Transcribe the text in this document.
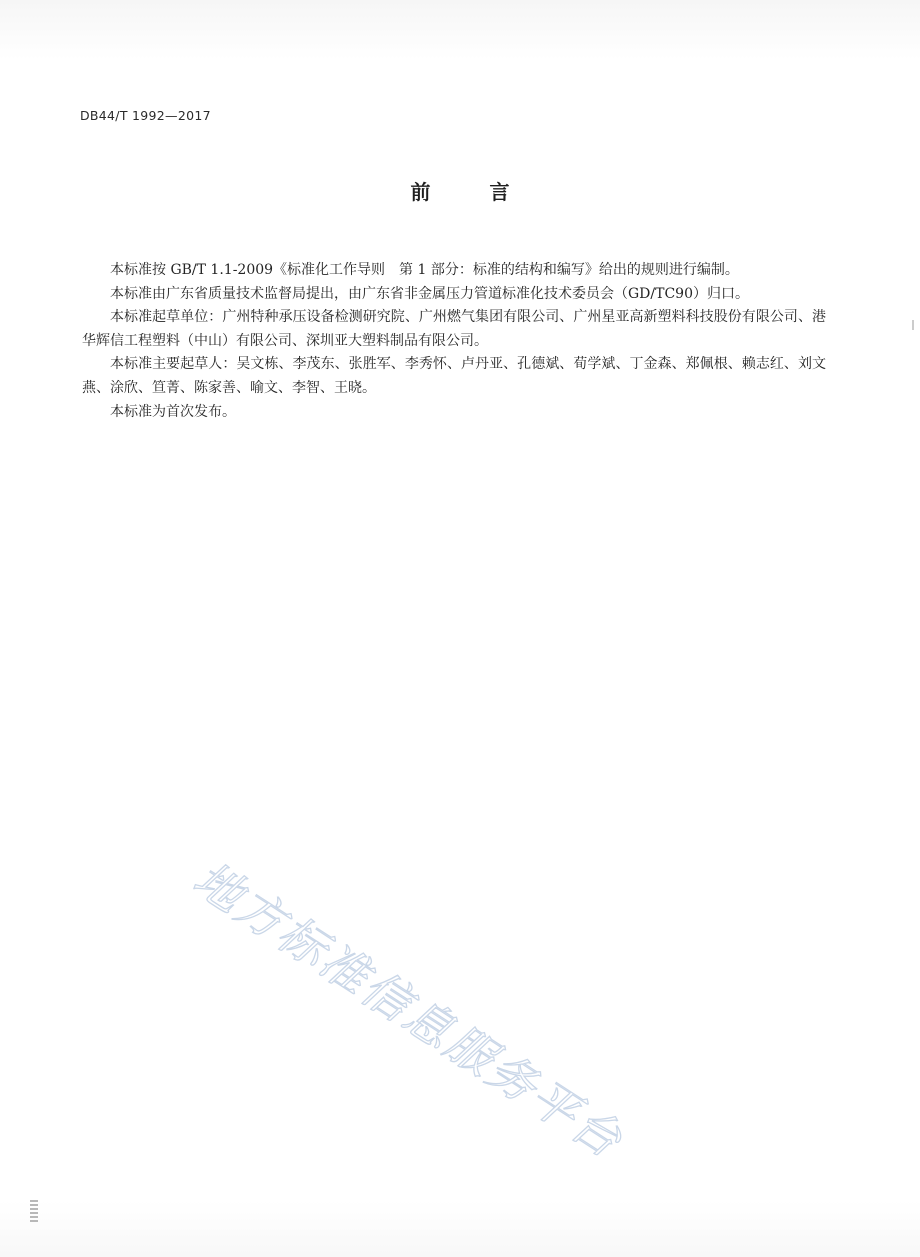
DB44/T 1992—2017
前 言

本标准按 GB/T 1.1-2009《标准化工作导则　第 1 部分：标准的结构和编写》给出的规则进行编制。

本标准由广东省质量技术监督局提出，由广东省非金属压力管道标准化技术委员会（GD/TC90）归口。

本标准起草单位：广州特种承压设备检测研究院、广州燃气集团有限公司、广州星亚高新塑料科技股份有限公司、港华辉信工程塑料（中山）有限公司、深圳亚大塑料制品有限公司。

本标准主要起草人：吴文栋、李茂东、张胜军、李秀怀、卢丹亚、孔德斌、荀学斌、丁金森、郑佩根、赖志红、刘文燕、涂欣、笪菁、陈家善、喻文、李智、王晓。

本标准为首次发布。

地方标准信息服务平台
